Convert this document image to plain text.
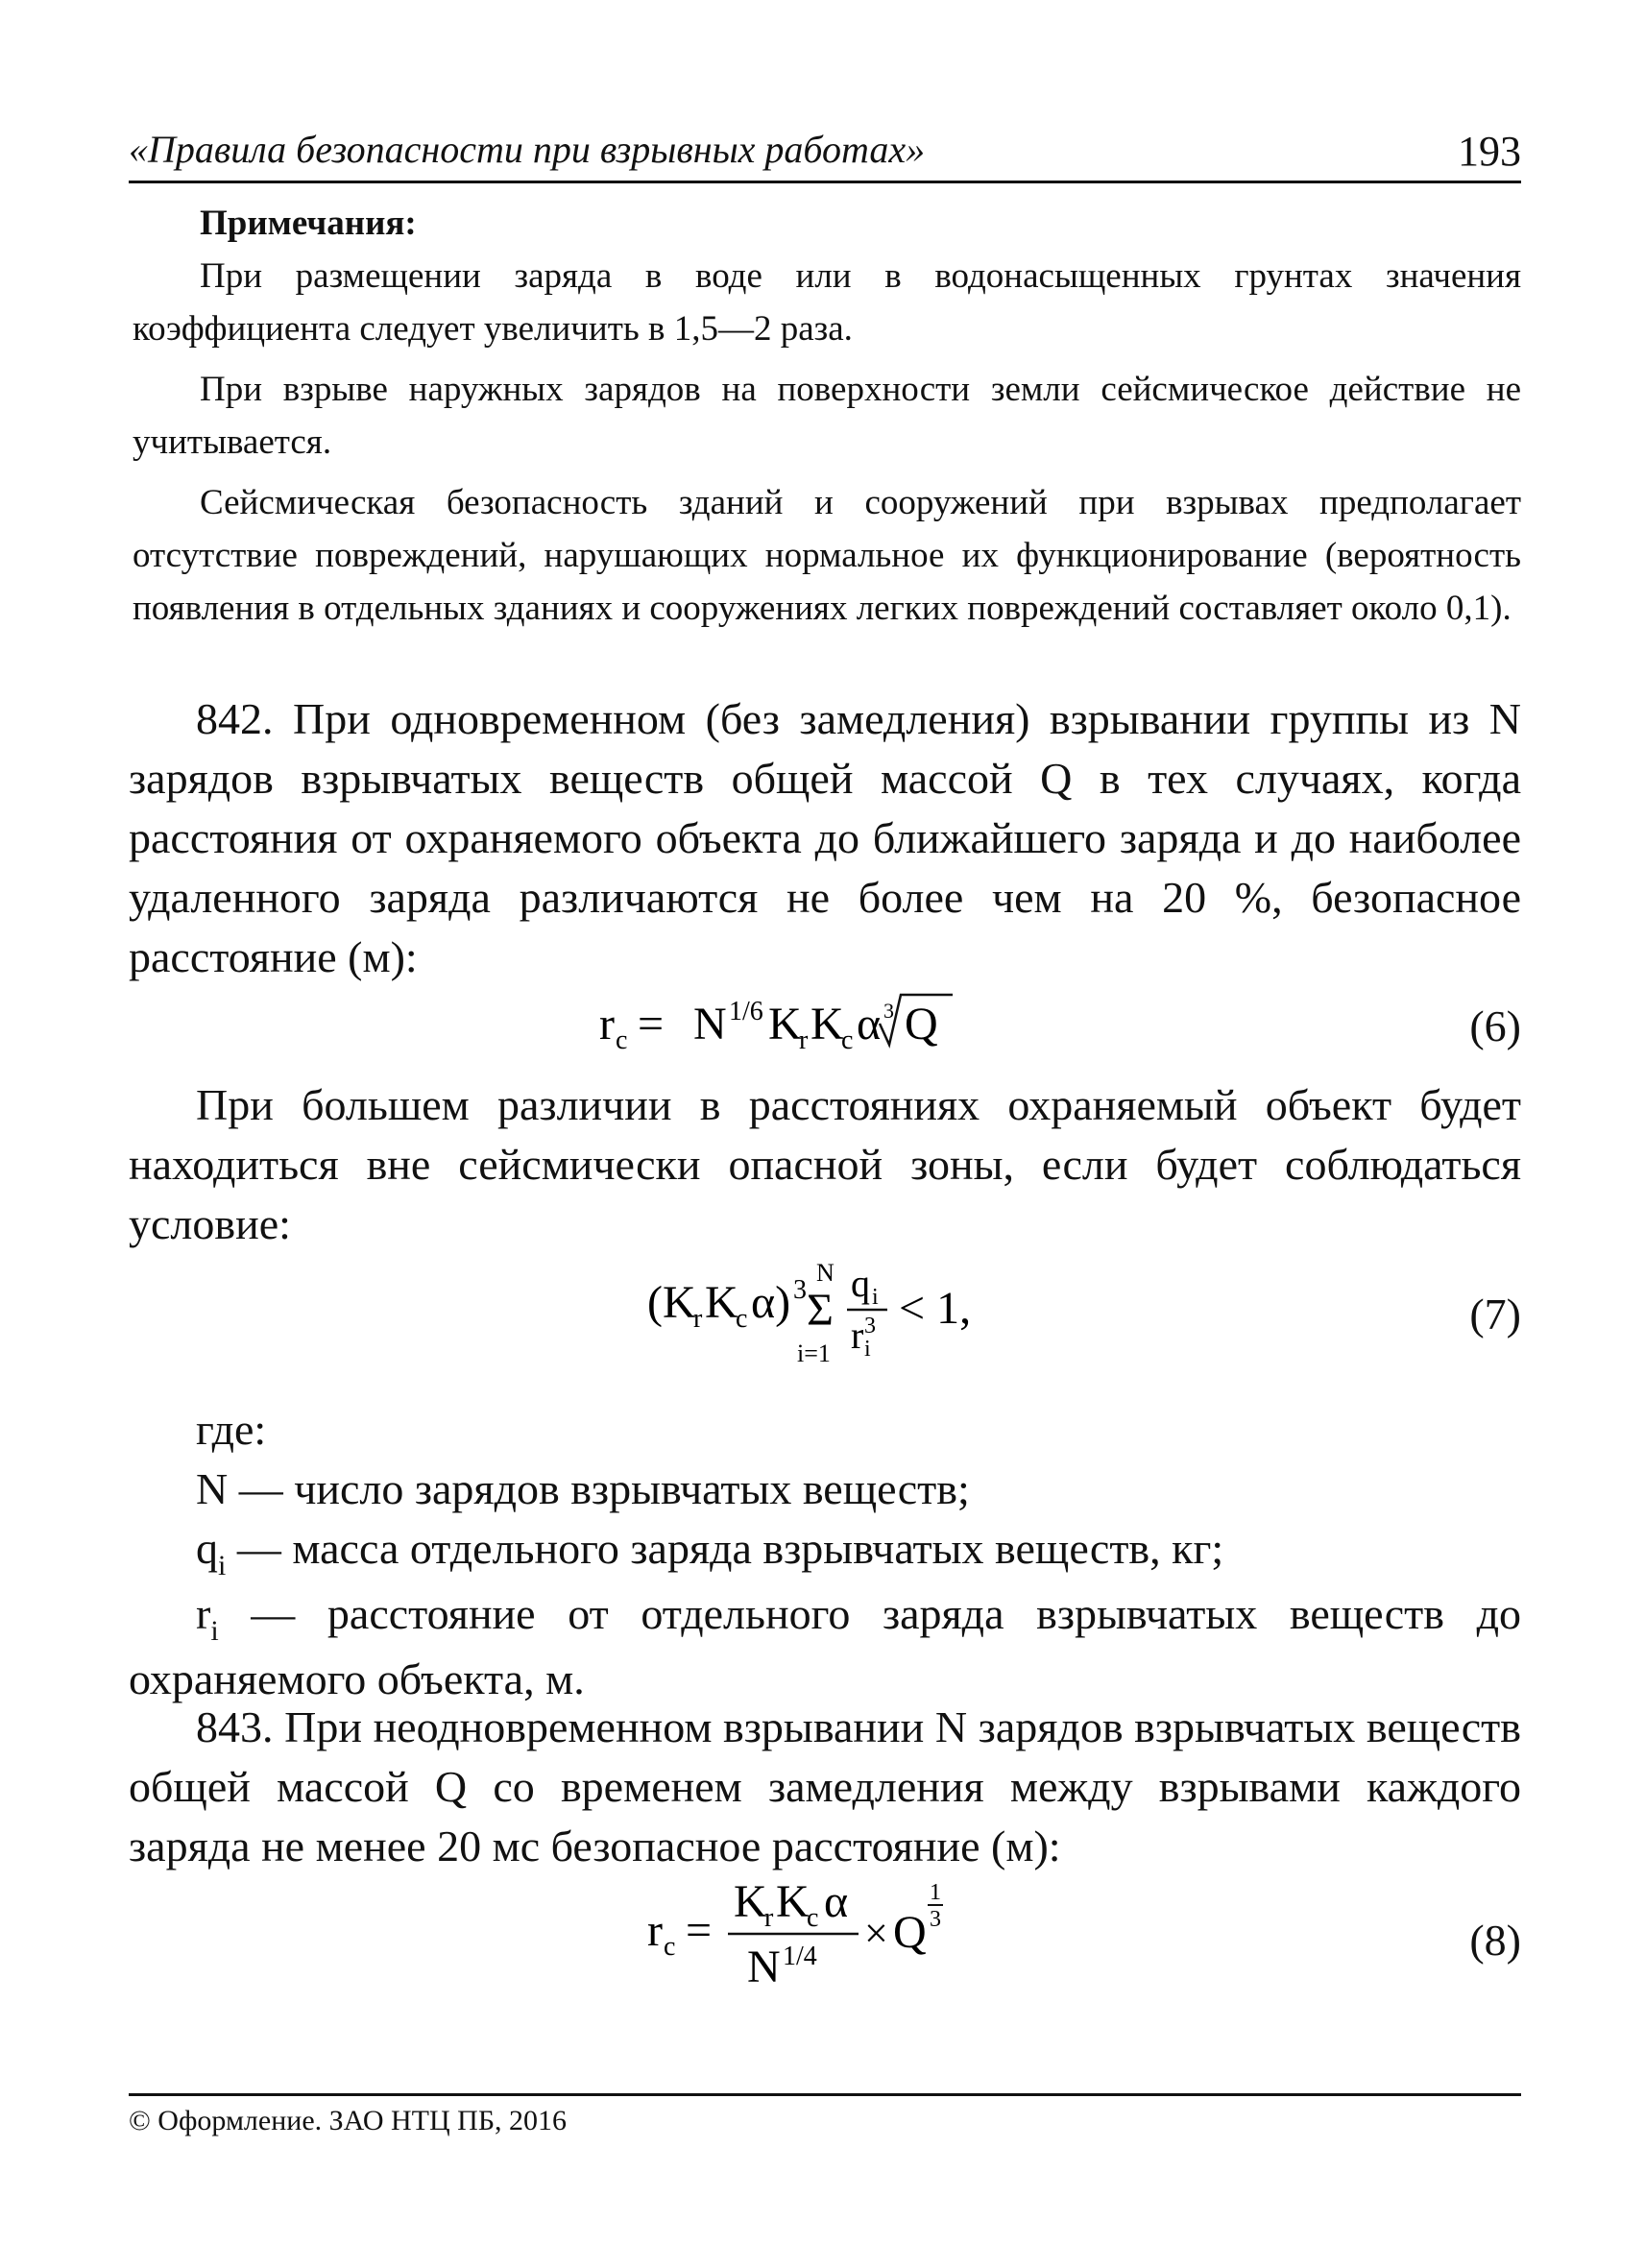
«Правила безопасности при взрывных работах»	193
Примечания:

При размещении заряда в воде или в водонасыщенных грунтах значения коэффициента следует увеличить в 1,5—2 раза.

При взрыве наружных зарядов на поверхности земли сейсмическое действие не учитывается.

Сейсмическая безопасность зданий и сооружений при взрывах предполагает отсутствие повреждений, нарушающих нормальное их функционирование (вероятность появления в отдельных зданиях и сооружениях легких повреждений составляет около 0,1).

842. При одновременном (без замедления) взрывании группы из N зарядов взрывчатых веществ общей массой Q в тех случаях, когда расстояния от охраняемого объекта до ближайшего заряда и до наиболее удаленного заряда различаются не более чем на 20 %, безопасное расстояние (м):

r c = N 1/6 K
r K
c α 3 Q	(6)

При большем различии в расстояниях охраняемый объект будет находиться вне сейсмически опасной зоны, если будет соблюдаться условие:

(K
r K
c α) 3
N
Σ
i=1
q i
r 3
i
< 1,	(7)

где:

N — число зарядов взрывчатых веществ;

$q_i$ — масса отдельного заряда взрывчатых веществ, кг;

$r_i$ — расстояние от отдельного заряда взрывчатых веществ до охраняемого объекта, м.

843. При неодновременном взрывании N зарядов взрывчатых веществ общей массой Q со временем замедления между взрывами каждого заряда не менее 20 мс безопасное расстояние (м):

r c =
K
r K
c α
N 1/4 × Q
1
3	(8)
© Оформление. ЗАО НТЦ ПБ, 2016
